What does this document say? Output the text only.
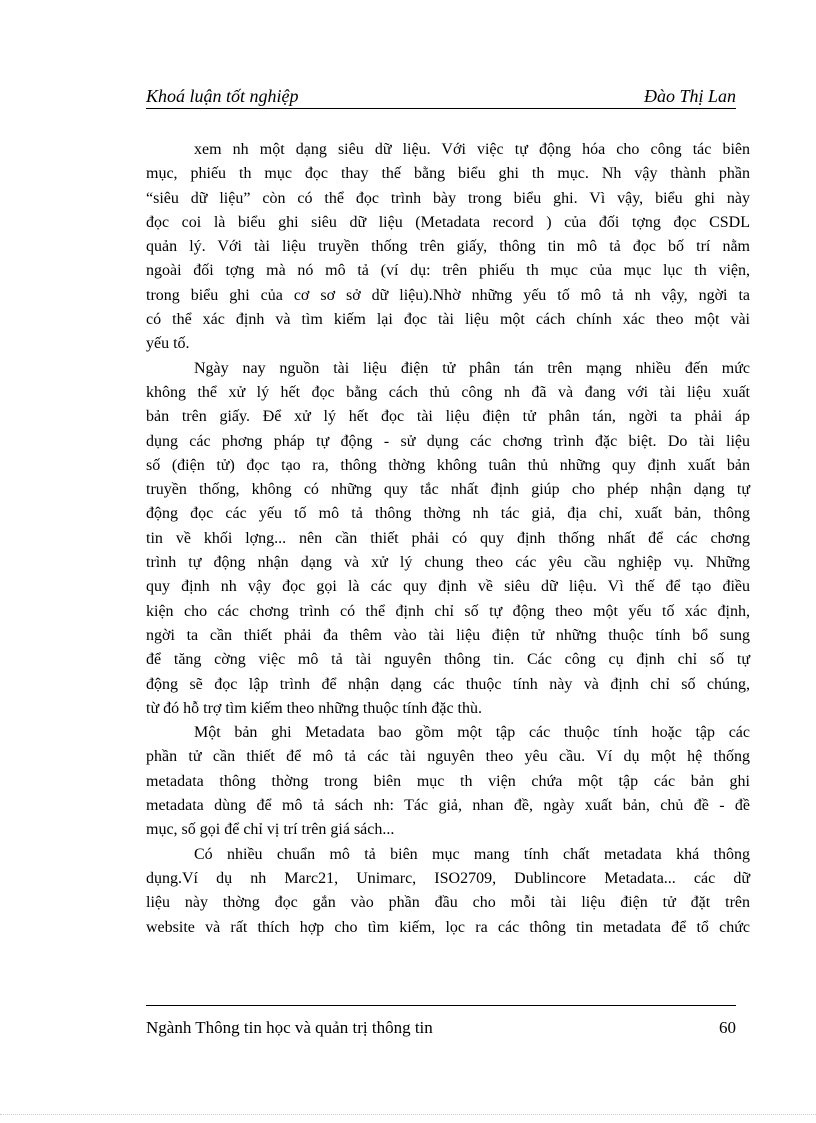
Khoá luận tốt nghiệp	Đào Thị Lan
xem nh một dạng siêu dữ liệu. Với việc tự động hóa cho công tác biên
mục, phiếu th mục đọc thay thế bằng biểu ghi th mục. Nh vậy thành phần
“siêu dữ liệu” còn có thể đọc trình bày trong biểu ghi. Vì vậy, biểu ghi này
đọc coi là biểu ghi siêu dữ liệu (Metadata record ) của đối tợng đọc CSDL
quản lý. Với tài liệu truyền thống trên giấy, thông tin mô tả đọc bố trí nằm
ngoài đối tợng mà nó mô tả (ví dụ: trên phiếu th mục của mục lục th viện,
trong biểu ghi của cơ sơ sở dữ liệu).Nhờ những yếu tố mô tả nh vậy, ngời ta
có thể xác định và tìm kiếm lại đọc tài liệu một cách chính xác theo một vài
yếu tố.
Ngày nay nguồn tài liệu điện tử phân tán trên mạng nhiều đến mức
không thể xử lý hết đọc bằng cách thủ công nh đã và đang với tài liệu xuất
bản trên giấy. Để xử lý hết đọc tài liệu điện tử phân tán, ngời ta phải áp
dụng các phơng pháp tự động - sử dụng các chơng trình đặc biệt. Do tài liệu
số (điện tử) đọc tạo ra, thông thờng không tuân thủ những quy định xuất bản
truyền thống, không có những quy tắc nhất định giúp cho phép nhận dạng tự
động đọc các yếu tố mô tả thông thờng nh tác giả, địa chỉ, xuất bản, thông
tin về khối lợng... nên cần thiết phải có quy định thống nhất để các chơng
trình tự động nhận dạng và xử lý chung theo các yêu cầu nghiệp vụ. Những
quy định nh vậy đọc gọi là các quy định về siêu dữ liệu. Vì thế để tạo điều
kiện cho các chơng trình có thể định chỉ số tự động theo một yếu tố xác định,
ngời ta cần thiết phải đa thêm vào tài liệu điện tử những thuộc tính bổ sung
để tăng cờng việc mô tả tài nguyên thông tin. Các công cụ định chỉ số tự
động sẽ đọc lập trình để nhận dạng các thuộc tính này và định chỉ số chúng,
từ đó hỗ trợ tìm kiếm theo những thuộc tính đặc thù.
Một bản ghi Metadata bao gồm một tập các thuộc tính hoặc tập các
phần tử cần thiết để mô tả các tài nguyên theo yêu cầu. Ví dụ một hệ thống
metadata thông thờng trong biên mục th viện chứa một tập các bản ghi
metadata dùng để mô tả sách nh: Tác giả, nhan đề, ngày xuất bản, chủ đề - đề
mục, số gọi để chỉ vị trí trên giá sách...
Có nhiều chuẩn mô tả biên mục mang tính chất metadata khá thông
dụng.Ví dụ nh Marc21, Unimarc, ISO2709, Dublincore Metadata... các dữ
liệu này thờng đọc gắn vào phần đầu cho mỗi tài liệu điện tử đặt trên
website và rất thích hợp cho tìm kiếm, lọc ra các thông tin metadata để tổ chức
Ngành Thông tin học và quản trị thông tin	60
